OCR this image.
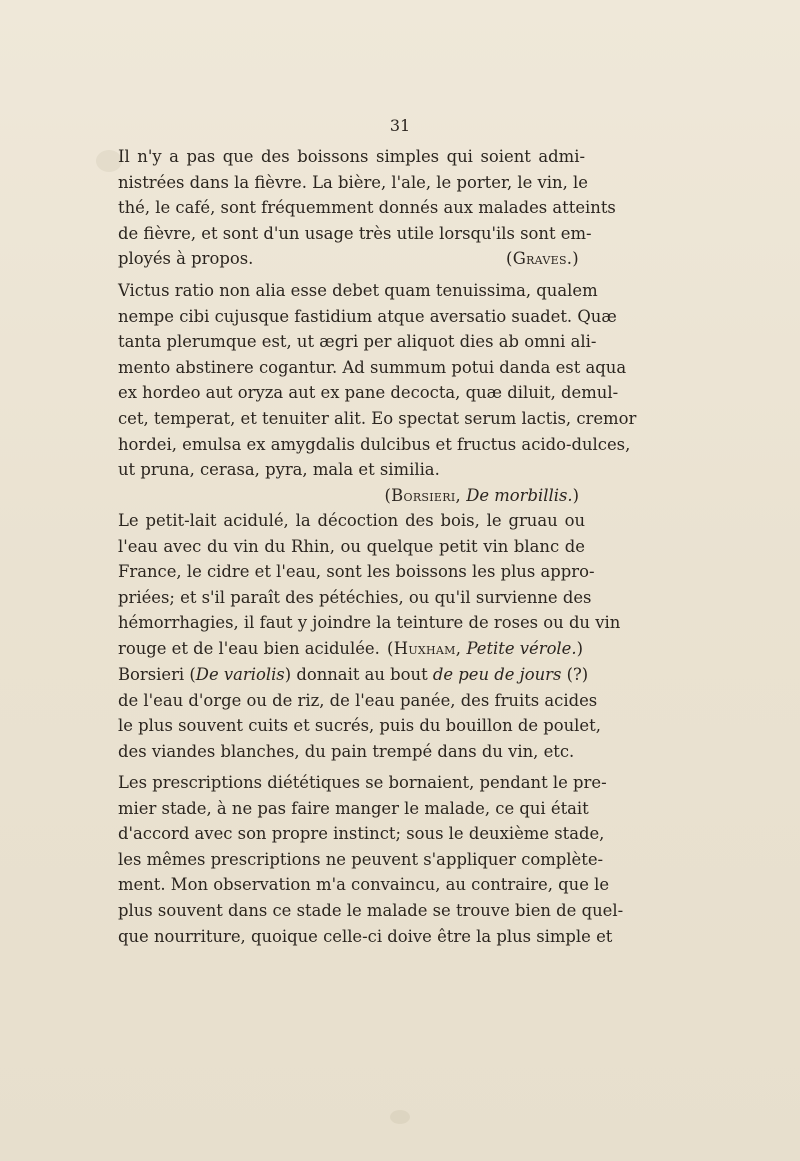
31
Il n'y a pas que des boissons simples qui soient admi-
nistrées dans la fièvre. La bière, l'ale, le porter, le vin, le
thé, le café, sont fréquemment donnés aux malades atteints
de fièvre, et sont d'un usage très utile lorsqu'ils sont em-
ployés à propos.	(Graves.)
Victus ratio non alia esse debet quam tenuissima, qualem
nempe cibi cujusque fastidium atque aversatio suadet. Quæ
tanta plerumque est, ut ægri per aliquot dies ab omni ali-
mento abstinere cogantur. Ad summum potui danda est aqua
ex hordeo aut oryza aut ex pane decocta, quæ diluit, demul-
cet, temperat, et tenuiter alit. Eo spectat serum lactis, cremor
hordei, emulsa ex amygdalis dulcibus et fructus acido-dulces,
ut pruna, cerasa, pyra, mala et similia.
(Borsieri, De morbillis.)
Le petit-lait acidulé, la décoction des bois, le gruau ou
l'eau avec du vin du Rhin, ou quelque petit vin blanc de
France, le cidre et l'eau, sont les boissons les plus appro-
priées; et s'il paraît des pétéchies, ou qu'il survienne des
hémorrhagies, il faut y joindre la teinture de roses ou du vin
rouge et de l'eau bien acidulée. (Huxham, Petite vérole.)
Borsieri (De variolis) donnait au bout de peu de jours (?)
de l'eau d'orge ou de riz, de l'eau panée, des fruits acides
le plus souvent cuits et sucrés, puis du bouillon de poulet,
des viandes blanches, du pain trempé dans du vin, etc.
Les prescriptions diététiques se bornaient, pendant le pre-
mier stade, à ne pas faire manger le malade, ce qui était
d'accord avec son propre instinct; sous le deuxième stade,
les mêmes prescriptions ne peuvent s'appliquer complète-
ment. Mon observation m'a convaincu, au contraire, que le
plus souvent dans ce stade le malade se trouve bien de quel-
que nourriture, quoique celle-ci doive être la plus simple et
